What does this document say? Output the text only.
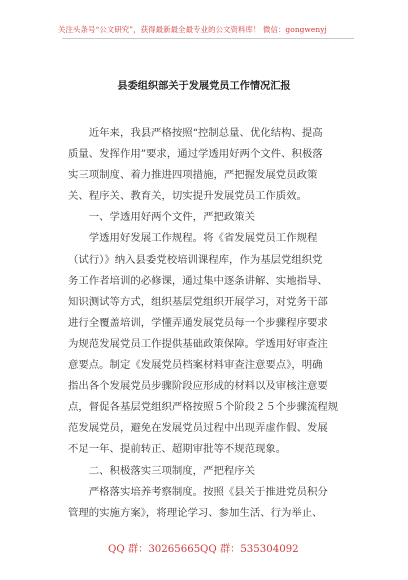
关注头条号“公文研究”，获得最新最全最专业的公文资料库！ 微信：gongwenyj
县委组织部关于发展党员工作情况汇报
　　近年来，我县严格按照“控制总量、优化结构、提高
质量、发挥作用”要求，通过学透用好两个文件、积极落
实三项制度、着力推进四项措施，严把握发展党员政策
关、程序关、教育关，切实提升发展党员工作质效。
　　一、学透用好两个文件，严把政策关
　　学透用好发展工作规程。将《省发展党员工作规程
（试行）》纳入县委党校培训课程库，作为基层党组织党
务工作者培训的必修课，通过集中逐条讲解、实地指导、
知识测试等方式，组织基层党组织开展学习，对党务干部
进行全覆盖培训，学懂弄通发展党员每一个步骤程序要求
为规范发展党员工作提供基础政策保障。学透用好审查注
意要点。制定《发展党员档案材料审查注意要点》，明确
指出各个发展党员步骤阶段应形成的材料以及审核注意要
点，督促各基层党组织严格按照５个阶段２５个步骤流程规
范发展党员，避免在发展党员过程中出现弄虚作假、发展
不足一年、提前转正、超期审批等不规范现象。
　　二、积极落实三项制度，严把程序关
　　严格落实培养考察制度。按照《县关于推进党员积分
管理的实施方案》，将理论学习、参加生活、行为举止、
QQ 群：30265665 QQ 群：535304092
